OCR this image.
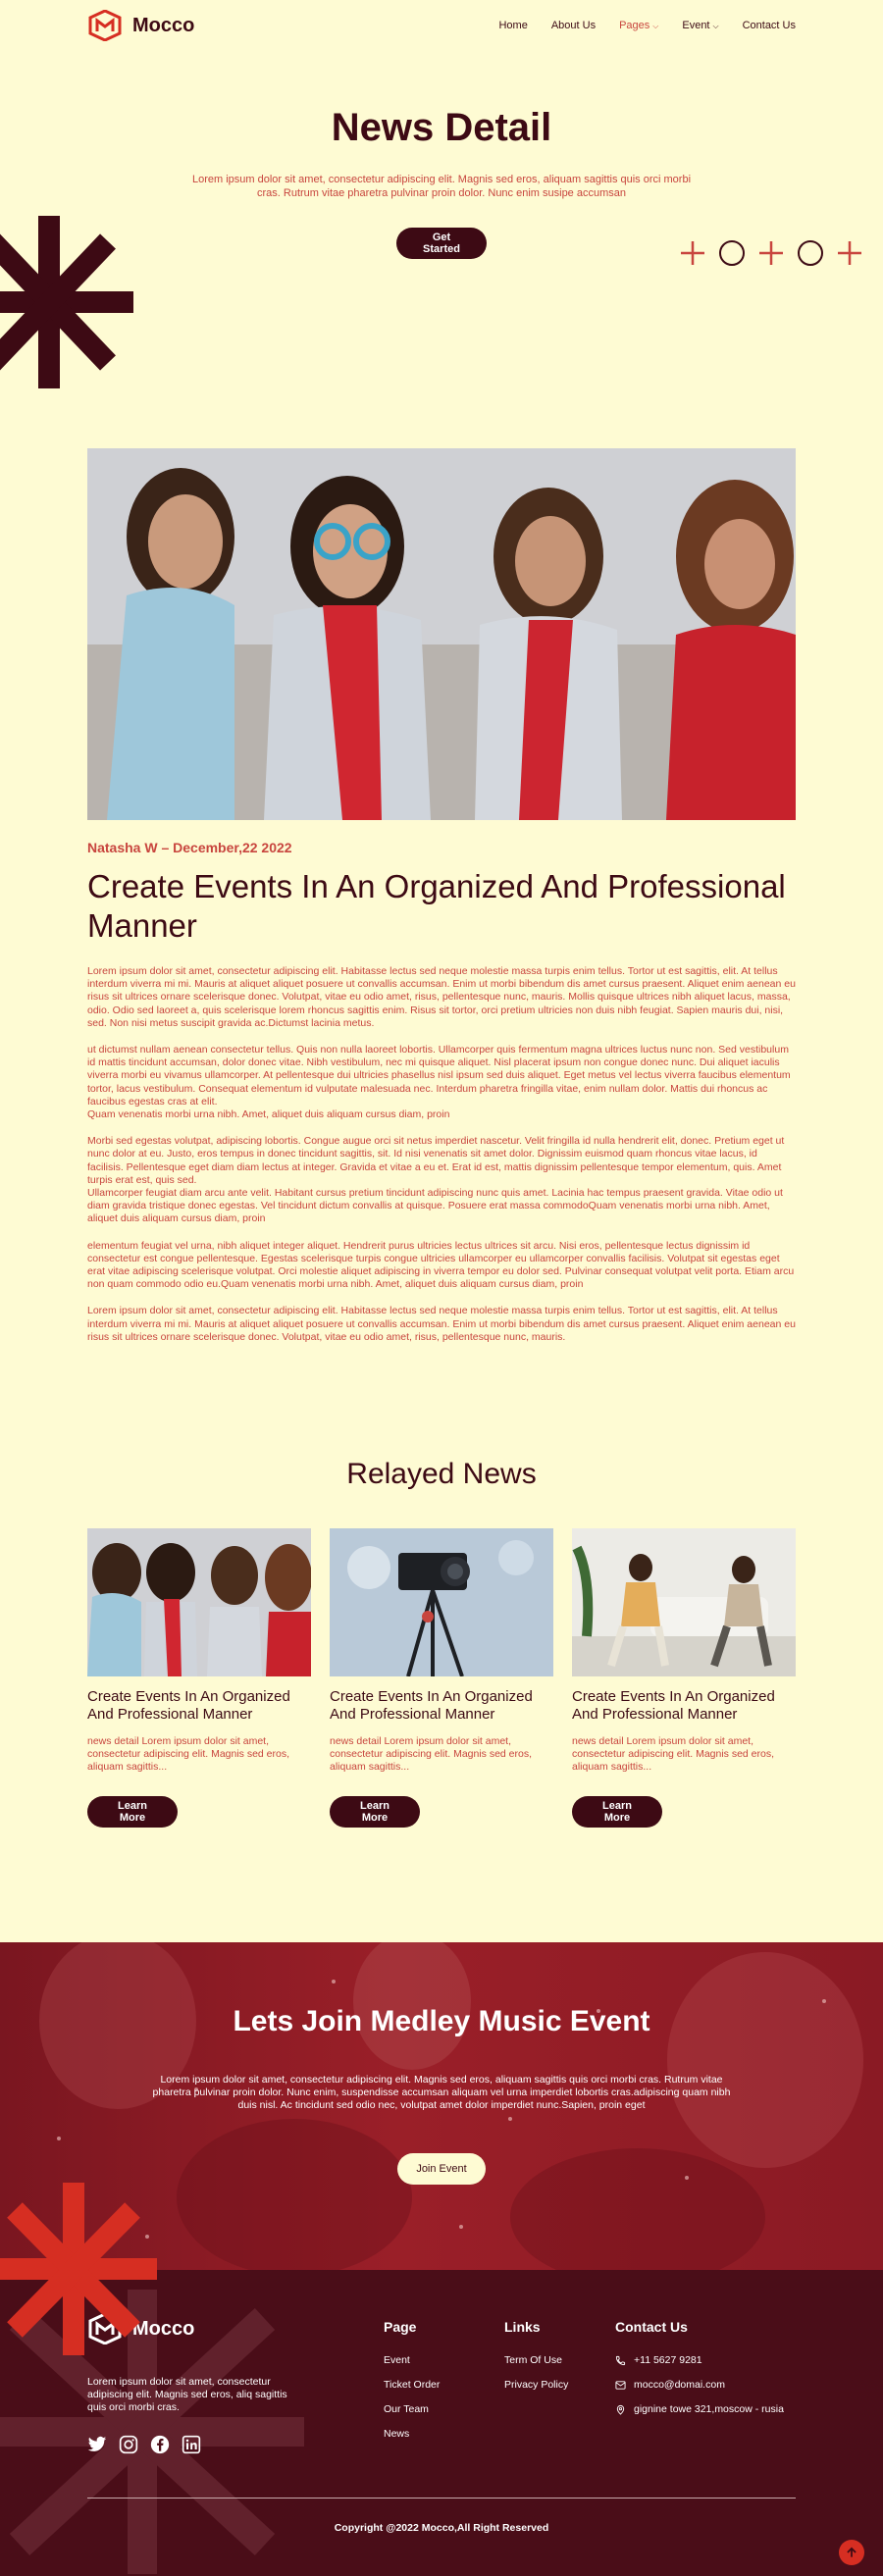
Mocco	Home About Us Pages ⌵ Event ⌵ Contact Us
News Detail

Lorem ipsum dolor sit amet, consectetur adipiscing elit. Magnis sed eros, aliquam sagittis quis orci morbi cras. Rutrum vitae pharetra pulvinar proin dolor. Nunc enim susipe accumsan

Get Started
Natasha W – December,22 2022
Create Events In An Organized And Professional Manner

Lorem ipsum dolor sit amet, consectetur adipiscing elit. Habitasse lectus sed neque molestie massa turpis enim tellus. Tortor ut est sagittis, elit. At tellus interdum viverra mi mi. Mauris at aliquet aliquet posuere ut convallis accumsan. Enim ut morbi bibendum dis amet cursus praesent. Aliquet enim aenean eu risus sit ultrices ornare scelerisque donec. Volutpat, vitae eu odio amet, risus, pellentesque nunc, mauris. Mollis quisque ultrices nibh aliquet lacus, massa, odio. Odio sed laoreet a, quis scelerisque lorem rhoncus sagittis enim. Risus sit tortor, orci pretium ultricies non duis nibh feugiat. Sapien mauris dui, nisi, sed. Non nisi metus suscipit gravida ac.Dictumst lacinia metus.

ut dictumst nullam aenean consectetur tellus. Quis non nulla laoreet lobortis. Ullamcorper quis fermentum magna ultrices luctus nunc non. Sed vestibulum id mattis tincidunt accumsan, dolor donec vitae. Nibh vestibulum, nec mi quisque aliquet. Nisl placerat ipsum non congue donec nunc. Dui aliquet iaculis viverra morbi eu vivamus ullamcorper. At pellentesque dui ultricies phasellus nisl ipsum sed duis aliquet. Eget metus vel lectus viverra faucibus elementum tortor, lacus vestibulum. Consequat elementum id vulputate malesuada nec. Interdum pharetra fringilla vitae, enim nullam dolor. Mattis dui rhoncus ac faucibus egestas cras at elit.
Quam venenatis morbi urna nibh. Amet, aliquet duis aliquam cursus diam, proin

Morbi sed egestas volutpat, adipiscing lobortis. Congue augue orci sit netus imperdiet nascetur. Velit fringilla id nulla hendrerit elit, donec. Pretium eget ut nunc dolor at eu. Justo, eros tempus in donec tincidunt sagittis, sit. Id nisi venenatis sit amet dolor. Dignissim euismod quam rhoncus vitae lacus, id facilisis. Pellentesque eget diam diam lectus at integer. Gravida et vitae a eu et. Erat id est, mattis dignissim pellentesque tempor elementum, quis. Amet turpis erat est, quis sed.
Ullamcorper feugiat diam arcu ante velit. Habitant cursus pretium tincidunt adipiscing nunc quis amet. Lacinia hac tempus praesent gravida. Vitae odio ut diam gravida tristique donec egestas. Vel tincidunt dictum convallis at quisque. Posuere erat massa commodoQuam venenatis morbi urna nibh. Amet, aliquet duis aliquam cursus diam, proin

elementum feugiat vel urna, nibh aliquet integer aliquet. Hendrerit purus ultricies lectus ultrices sit arcu. Nisi eros, pellentesque lectus dignissim id consectetur est congue pellentesque. Egestas scelerisque turpis congue ultricies ullamcorper eu ullamcorper convallis facilisis. Volutpat sit egestas eget erat vitae adipiscing scelerisque volutpat. Orci molestie aliquet adipiscing in viverra tempor eu dolor sed. Pulvinar consequat volutpat velit porta. Etiam arcu non quam commodo odio eu.Quam venenatis morbi urna nibh. Amet, aliquet duis aliquam cursus diam, proin

Lorem ipsum dolor sit amet, consectetur adipiscing elit. Habitasse lectus sed neque molestie massa turpis enim tellus. Tortor ut est sagittis, elit. At tellus interdum viverra mi mi. Mauris at aliquet aliquet posuere ut convallis accumsan. Enim ut morbi bibendum dis amet cursus praesent. Aliquet enim aenean eu risus sit ultrices ornare scelerisque donec. Volutpat, vitae eu odio amet, risus, pellentesque nunc, mauris.

Relayed News
Create Events In An Organized And Professional Manner

news detail Lorem ipsum dolor sit amet, consectetur adipiscing elit. Magnis sed eros, aliquam sagittis...

Learn More
Create Events In An Organized And Professional Manner

news detail Lorem ipsum dolor sit amet, consectetur adipiscing elit. Magnis sed eros, aliquam sagittis...

Learn More
Create Events In An Organized And Professional Manner

news detail Lorem ipsum dolor sit amet, consectetur adipiscing elit. Magnis sed eros, aliquam sagittis...

Learn More
Lets Join Medley Music Event

Lorem ipsum dolor sit amet, consectetur adipiscing elit. Magnis sed eros, aliquam sagittis quis orci morbi cras. Rutrum vitae pharetra pulvinar proin dolor. Nunc enim, suspendisse accumsan aliquam vel urna imperdiet lobortis cras.adipiscing quam nibh duis nisl. Ac tincidunt sed odio nec, volutpat amet dolor imperdiet nunc.Sapien, proin eget

Join Event
Mocco

Lorem ipsum dolor sit amet, consectetur adipiscing elit. Magnis sed eros, aliq sagittis quis orci morbi cras.

Page
Event
Ticket Order
Our Team
News
Links
Term Of Use
Privacy Policy
Contact Us
+11 5627 9281
mocco@domai.com
gignine towe 321,moscow - rusia
Copyright @2022 Mocco,All Right Reserved
